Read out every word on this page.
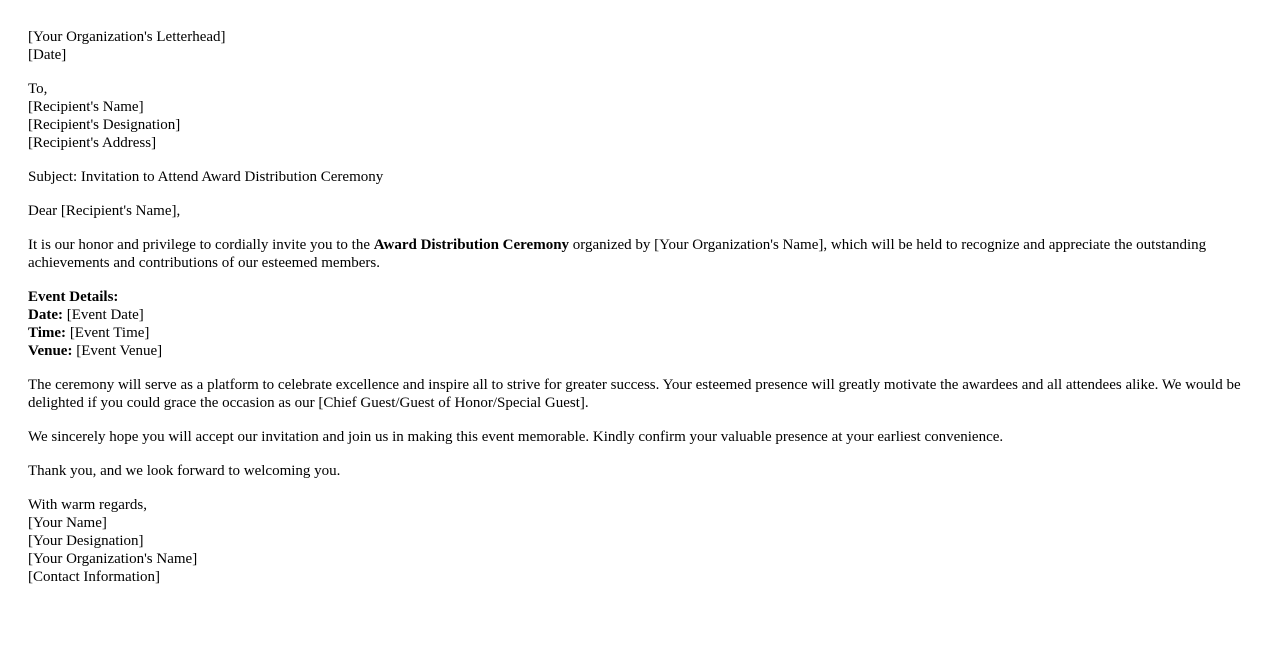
[Your Organization's Letterhead]
[Date]
To,
[Recipient's Name]
[Recipient's Designation]
[Recipient's Address]
Subject: Invitation to Attend Award Distribution Ceremony
Dear [Recipient's Name],

It is our honor and privilege to cordially invite you to the Award Distribution Ceremony organized by [Your Organization's Name], which will be held to recognize and appreciate the outstanding achievements and contributions of our esteemed members.

Event Details:
Date: [Event Date]
Time: [Event Time]
Venue: [Event Venue]

The ceremony will serve as a platform to celebrate excellence and inspire all to strive for greater success. Your esteemed presence will greatly motivate the awardees and all attendees alike. We would be delighted if you could grace the occasion as our [Chief Guest/Guest of Honor/Special Guest].

We sincerely hope you will accept our invitation and join us in making this event memorable. Kindly confirm your valuable presence at your earliest convenience.

Thank you, and we look forward to welcoming you.

With warm regards,
[Your Name]
[Your Designation]
[Your Organization's Name]
[Contact Information]
